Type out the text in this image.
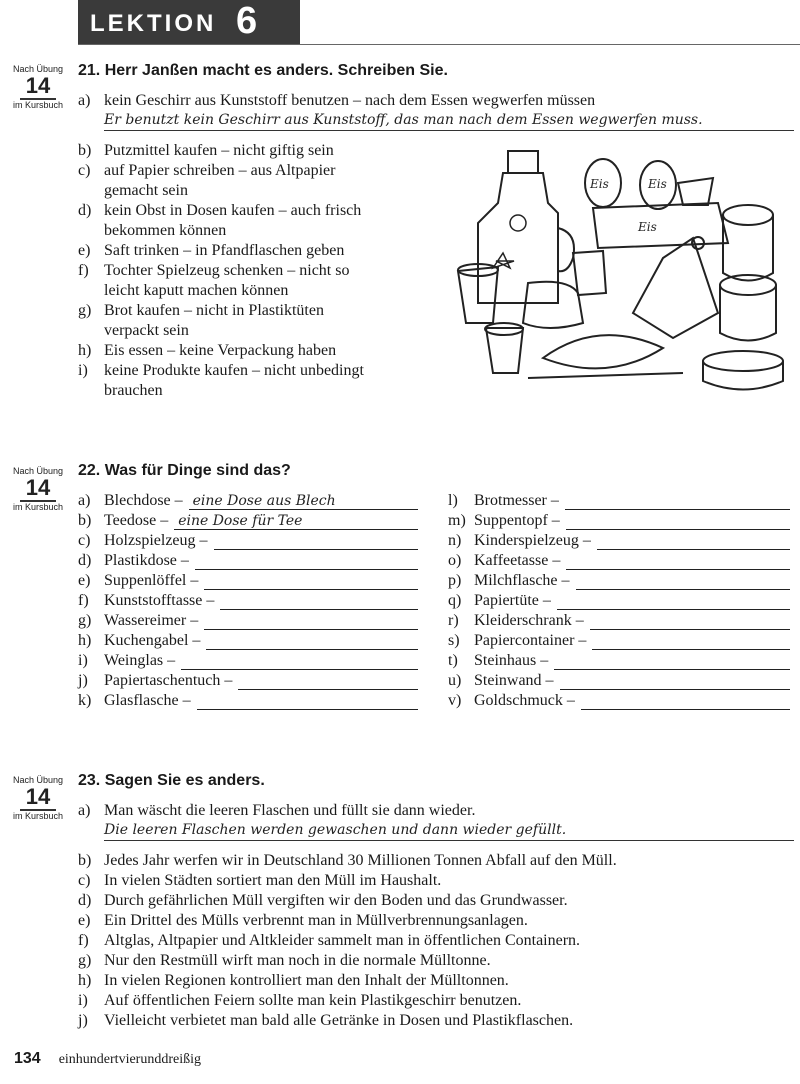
LEKTION 6
Nach Übung
14
im Kursbuch
21. Herr Janßen macht es anders. Schreiben Sie.
a) kein Geschirr aus Kunststoff benutzen – nach dem Essen wegwerfen müssen
Er benutzt kein Geschirr aus Kunststoff, das man nach dem Essen wegwerfen muss.
b) Putzmittel kaufen – nicht giftig sein
c) auf Papier schreiben – aus Altpapier
gemacht sein
d) kein Obst in Dosen kaufen – auch frisch
bekommen können
e) Saft trinken – in Pfandflaschen geben
f) Tochter Spielzeug schenken – nicht so
leicht kaputt machen können
g) Brot kaufen – nicht in Plastiktüten
verpackt sein
h) Eis essen – keine Verpackung haben
i) keine Produkte kaufen – nicht unbedingt
brauchen
Eis	Eis
Eis
Nach Übung
14
im Kursbuch
22. Was für Dinge sind das?
a) Blechdose – eine Dose aus Blech
b) Teedose – eine Dose für Tee
c) Holzspielzeug –
d) Plastikdose –
e) Suppenlöffel –
f) Kunststofftasse –
g) Wassereimer –
h) Kuchengabel –
i) Weinglas –
j) Papiertaschentuch –
k) Glasflasche –
l) Brotmesser –
m) Suppentopf –
n) Kinderspielzeug –
o) Kaffeetasse –
p) Milchflasche –
q) Papiertüte –
r) Kleiderschrank –
s) Papiercontainer –
t) Steinhaus –
u) Steinwand –
v) Goldschmuck –
Nach Übung
14
im Kursbuch
23. Sagen Sie es anders.
a) Man wäscht die leeren Flaschen und füllt sie dann wieder.
Die leeren Flaschen werden gewaschen und dann wieder gefüllt.
b) Jedes Jahr werfen wir in Deutschland 30 Millionen Tonnen Abfall auf den Müll.
c) In vielen Städten sortiert man den Müll im Haushalt.
d) Durch gefährlichen Müll vergiften wir den Boden und das Grundwasser.
e) Ein Drittel des Mülls verbrennt man in Müllverbrennungsanlagen.
f) Altglas, Altpapier und Altkleider sammelt man in öffentlichen Containern.
g) Nur den Restmüll wirft man noch in die normale Mülltonne.
h) In vielen Regionen kontrolliert man den Inhalt der Mülltonnen.
i) Auf öffentlichen Feiern sollte man kein Plastikgeschirr benutzen.
j) Vielleicht verbietet man bald alle Getränke in Dosen und Plastikflaschen.
134 einhundertvierunddreißig
